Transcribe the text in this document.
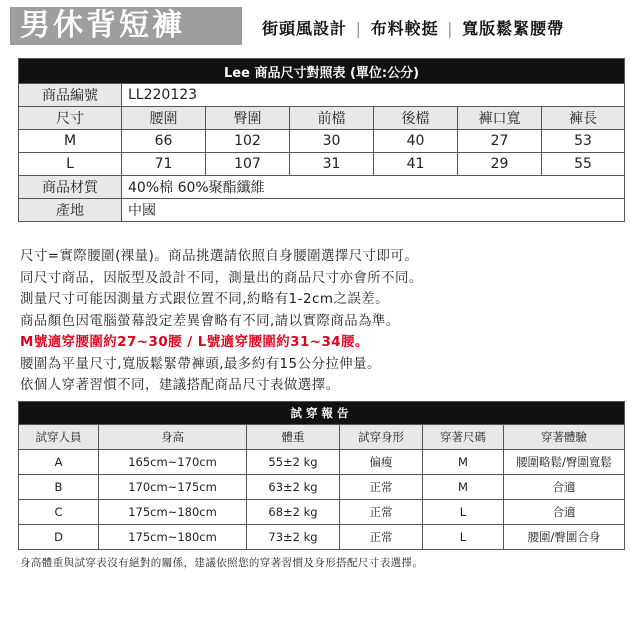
男休背短褲	街頭風設計 | 布料較挺 | 寬版鬆緊腰帶
Lee 商品尺寸對照表 (單位:公分)						
商品編號	LL220123					
尺寸	腰圍	臀圍	前檔	後檔	褲口寬	褲長
M	66	102	30	40	27	53
L	71	107	31	41	29	55
商品材質	40%棉 60%聚酯纖維					
產地	中國					
尺寸=實際腰圍(裸量)。商品挑選請依照自身腰圍選擇尺寸即可。
同尺寸商品，因版型及設計不同，測量出的商品尺寸亦會所不同。
測量尺寸可能因測量方式跟位置不同,約略有1-2cm之誤差。
商品顏色因電腦螢幕設定差異會略有不同,請以實際商品為準。
M號適穿腰圍約27~30腰 / L號適穿腰圍約31~34腰。
腰圍為平量尺寸,寬版鬆緊帶褲頭,最多約有15公分拉伸量。
依個人穿著習慣不同，建議搭配商品尺寸表做選擇。
試穿報告					
試穿人員	身高	體重	試穿身形	穿著尺碼	穿著體驗
A	165cm~170cm	55±2 kg	偏瘦	M	腰圍略鬆/臀圍寬鬆
B	170cm~175cm	63±2 kg	正常	M	合適
C	175cm~180cm	68±2 kg	正常	L	合適
D	175cm~180cm	73±2 kg	正常	L	腰圍/臀圍合身
身高體重與試穿表沒有絕對的關係，建議依照您的穿著習慣及身形搭配尺寸表選擇。
